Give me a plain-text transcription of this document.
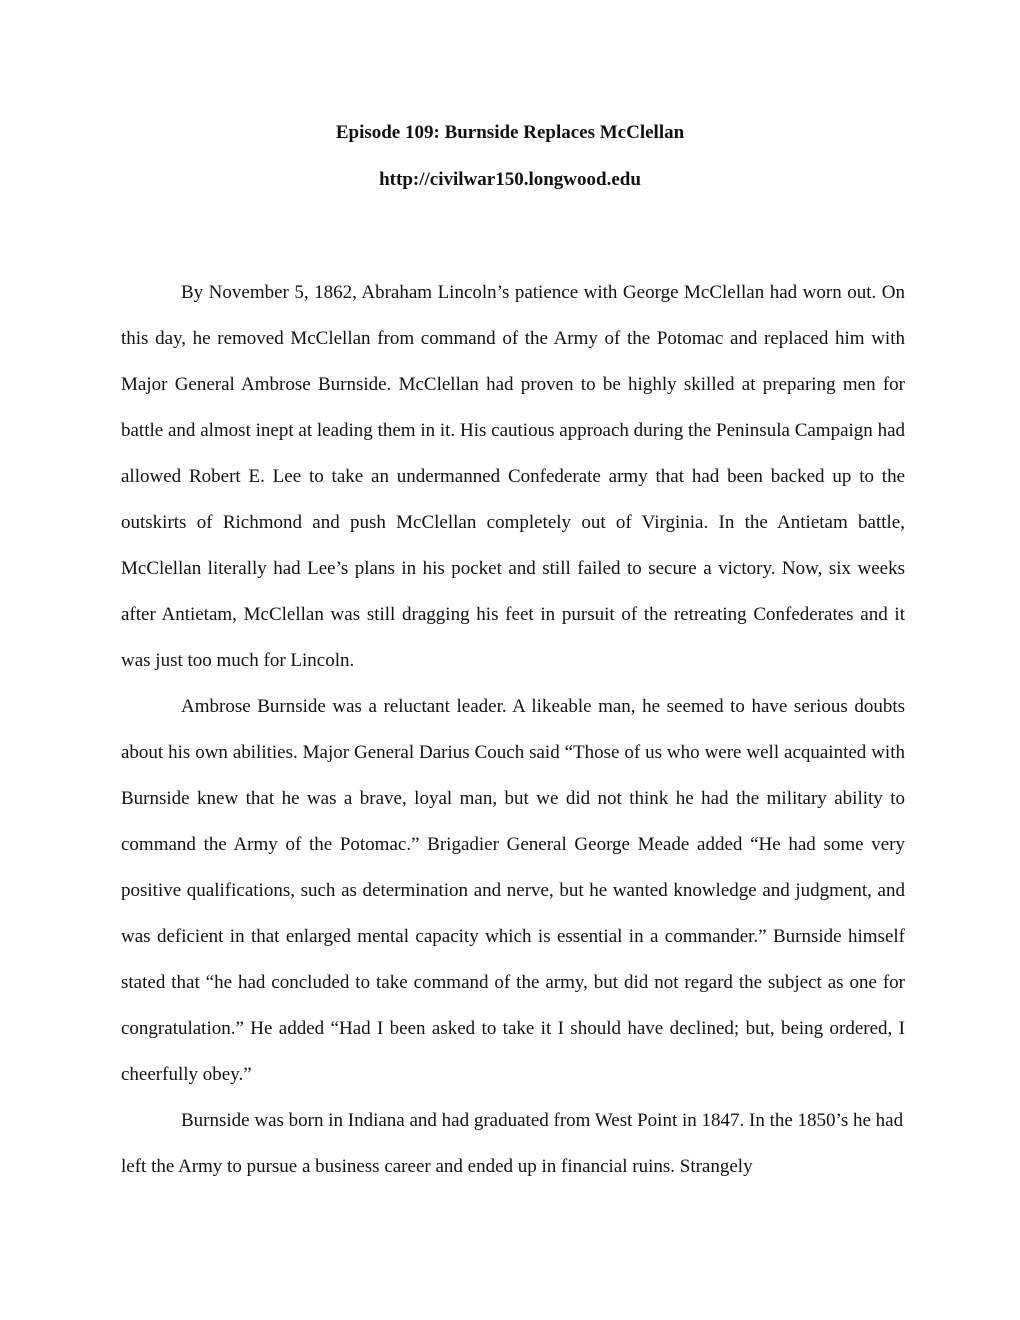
Episode 109: Burnside Replaces McClellan
http://civilwar150.longwood.edu

By November 5, 1862, Abraham Lincoln’s patience with George McClellan had worn out. On this day, he removed McClellan from command of the Army of the Potomac and replaced him with Major General Ambrose Burnside. McClellan had proven to be highly skilled at preparing men for battle and almost inept at leading them in it. His cautious approach during the Peninsula Campaign had allowed Robert E. Lee to take an undermanned Confederate army that had been backed up to the outskirts of Richmond and push McClellan completely out of Virginia. In the Antietam battle, McClellan literally had Lee’s plans in his pocket and still failed to secure a victory. Now, six weeks after Antietam, McClellan was still dragging his feet in pursuit of the retreating Confederates and it was just too much for Lincoln.

Ambrose Burnside was a reluctant leader. A likeable man, he seemed to have serious doubts about his own abilities. Major General Darius Couch said “Those of us who were well acquainted with Burnside knew that he was a brave, loyal man, but we did not think he had the military ability to command the Army of the Potomac.” Brigadier General George Meade added “He had some very positive qualifications, such as determination and nerve, but he wanted knowledge and judgment, and was deficient in that enlarged mental capacity which is essential in a commander.” Burnside himself stated that “he had concluded to take command of the army, but did not regard the subject as one for congratulation.” He added “Had I been asked to take it I should have declined; but, being ordered, I cheerfully obey.”

Burnside was born in Indiana and had graduated from West Point in 1847. In the 1850’s he had left the Army to pursue a business career and ended up in financial ruins. Strangely
